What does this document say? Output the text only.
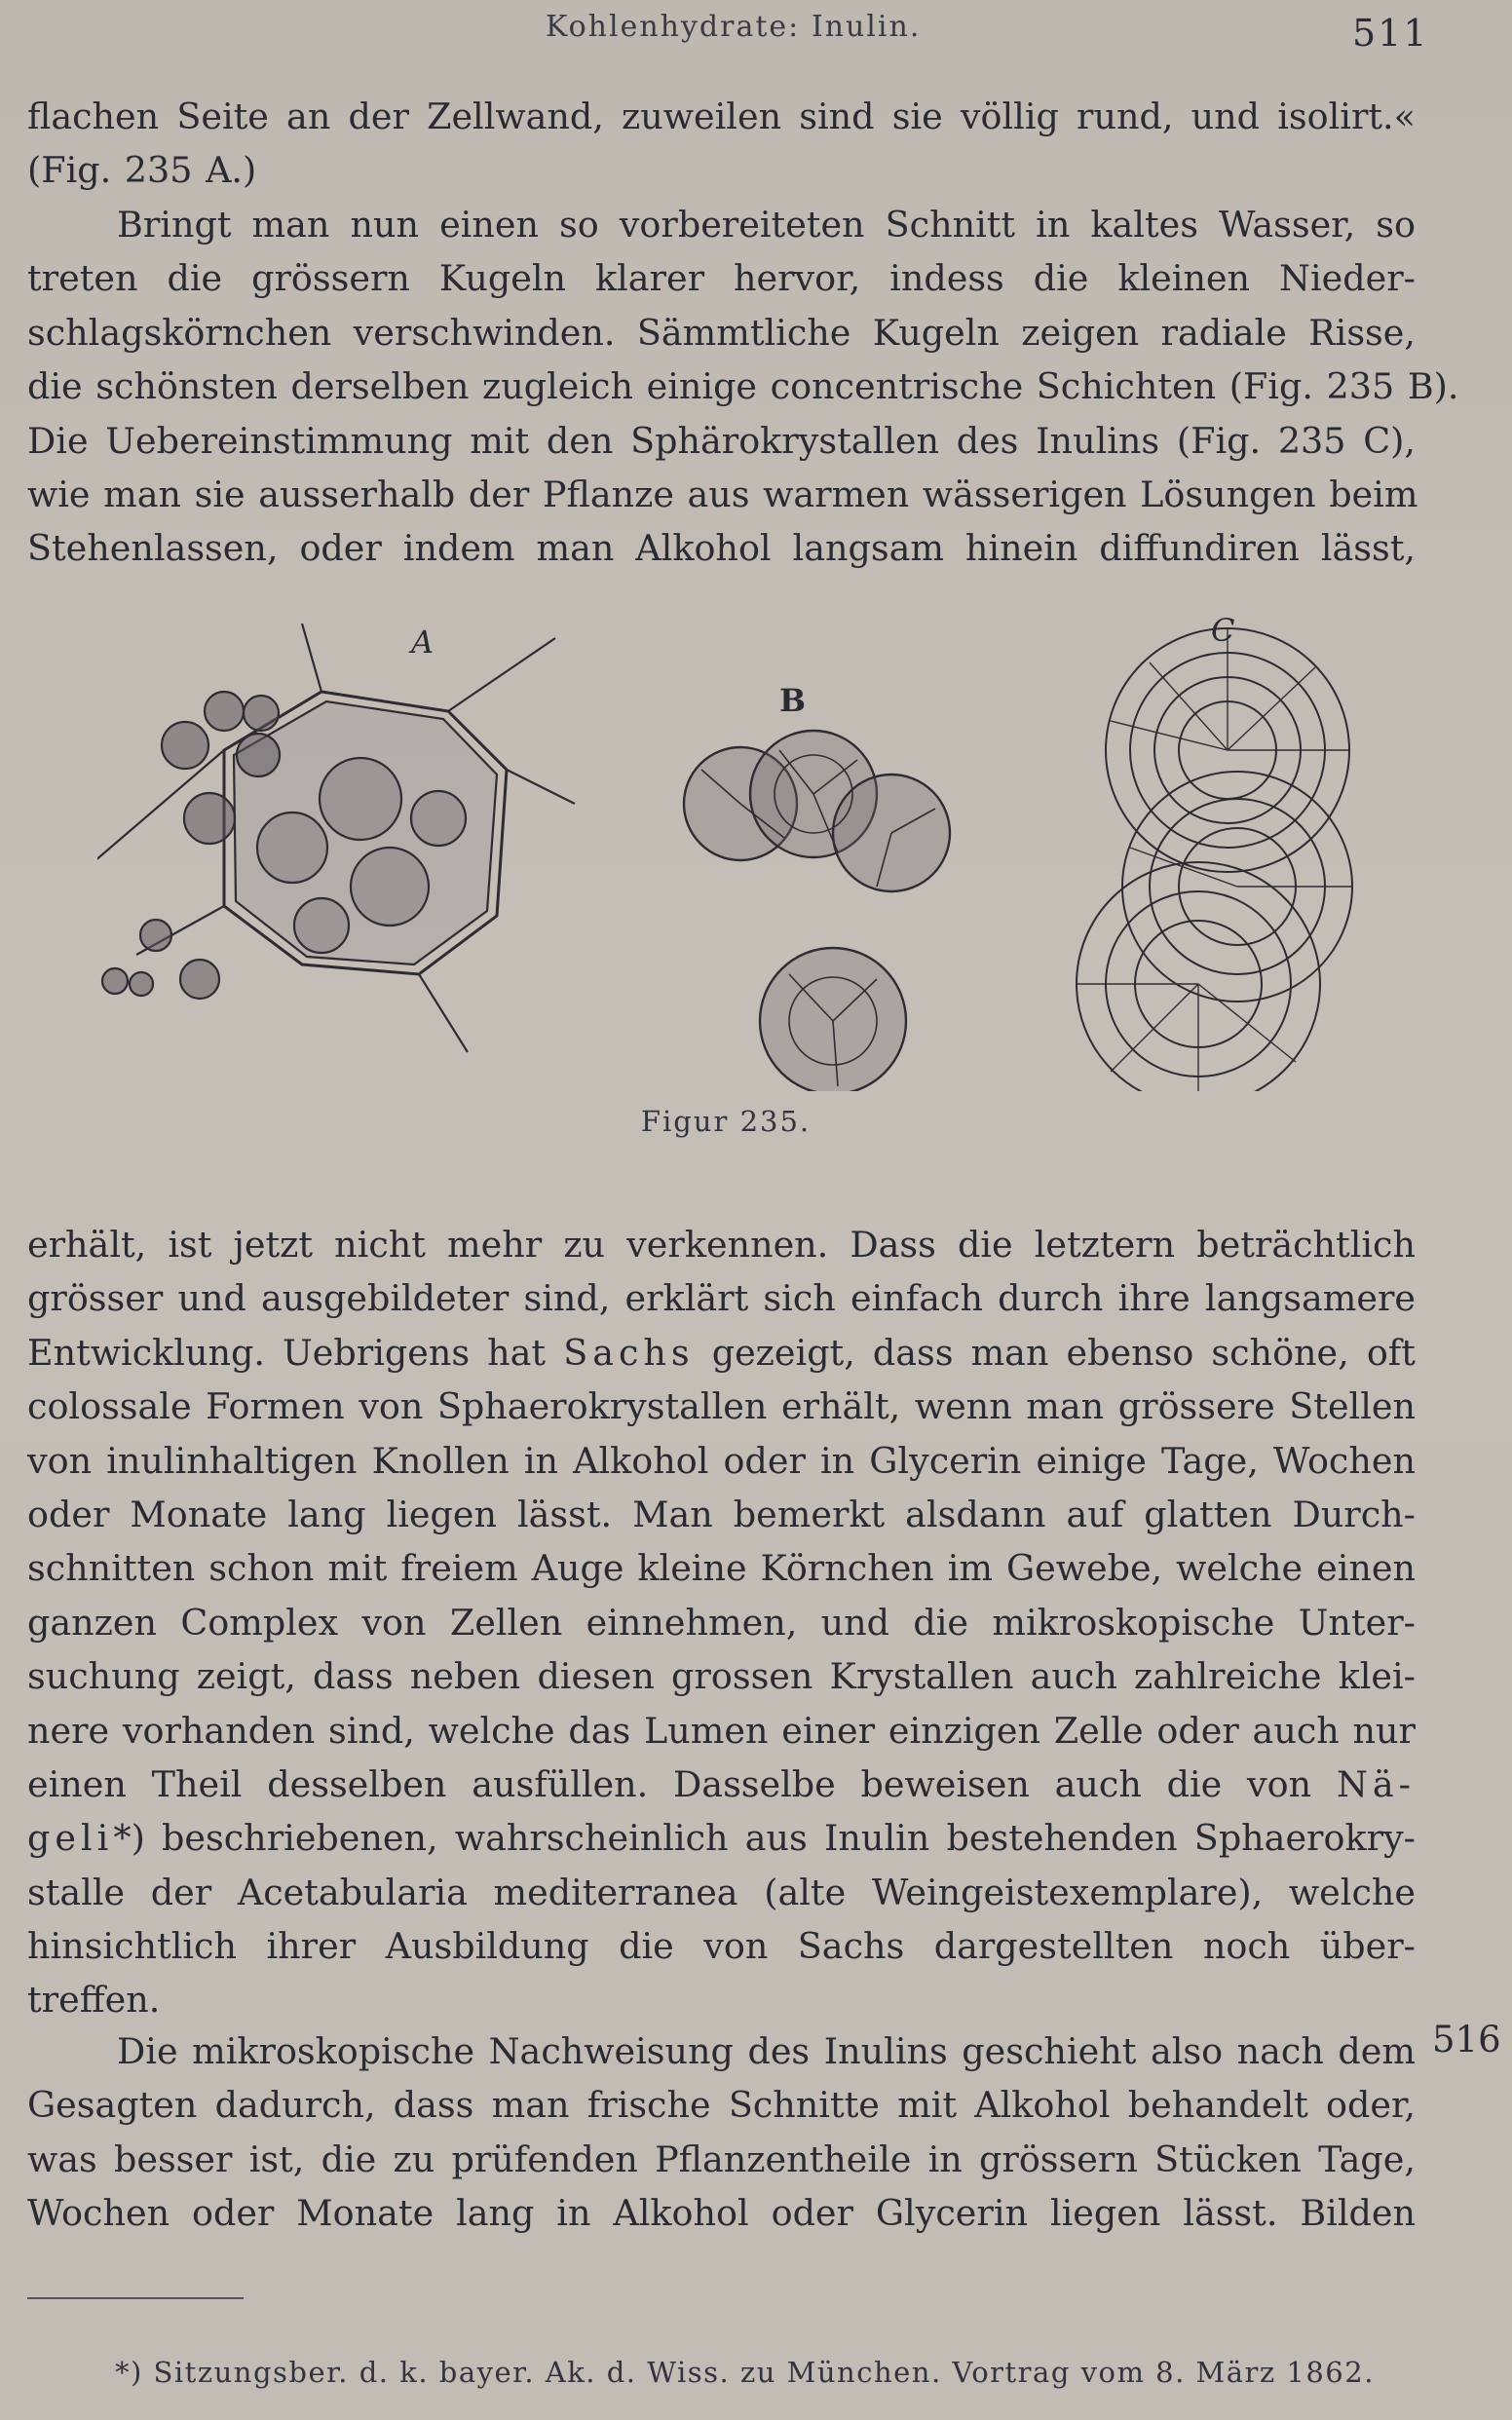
Kohlenhydrate: Inulin.	511
flachen Seite an der Zellwand, zuweilen sind sie völlig rund, und isolirt.«
(Fig. 235 A.)
Bringt man nun einen so vorbereiteten Schnitt in kaltes Wasser, so
treten die grössern Kugeln klarer hervor, indess die kleinen Nieder-
schlagskörnchen verschwinden. Sämmtliche Kugeln zeigen radiale Risse,
die schönsten derselben zugleich einige concentrische Schichten (Fig. 235 B).
Die Uebereinstimmung mit den Sphärokrystallen des Inulins (Fig. 235 C),
wie man sie ausserhalb der Pflanze aus warmen wässerigen Lösungen beim
Stehenlassen, oder indem man Alkohol langsam hinein diffundiren lässt,
A
B
C
Figur 235.
erhält, ist jetzt nicht mehr zu verkennen. Dass die letztern beträchtlich
grösser und ausgebildeter sind, erklärt sich einfach durch ihre langsamere
Entwicklung. Uebrigens hat Sachs gezeigt, dass man ebenso schöne, oft
colossale Formen von Sphaerokrystallen erhält, wenn man grössere Stellen
von inulinhaltigen Knollen in Alkohol oder in Glycerin einige Tage, Wochen
oder Monate lang liegen lässt. Man bemerkt alsdann auf glatten Durch-
schnitten schon mit freiem Auge kleine Körnchen im Gewebe, welche einen
ganzen Complex von Zellen einnehmen, und die mikroskopische Unter-
suchung zeigt, dass neben diesen grossen Krystallen auch zahlreiche klei-
nere vorhanden sind, welche das Lumen einer einzigen Zelle oder auch nur
einen Theil desselben ausfüllen. Dasselbe beweisen auch die von Nä-
geli*) beschriebenen, wahrscheinlich aus Inulin bestehenden Sphaerokry-
stalle der Acetabularia mediterranea (alte Weingeistexemplare), welche
hinsichtlich ihrer Ausbildung die von Sachs dargestellten noch über-
treffen.
Die mikroskopische Nachweisung des Inulins geschieht also nach dem
Gesagten dadurch, dass man frische Schnitte mit Alkohol behandelt oder,
was besser ist, die zu prüfenden Pflanzentheile in grössern Stücken Tage,
Wochen oder Monate lang in Alkohol oder Glycerin liegen lässt. Bilden
516
*) Sitzungsber. d. k. bayer. Ak. d. Wiss. zu München. Vortrag vom 8. März 1862.
